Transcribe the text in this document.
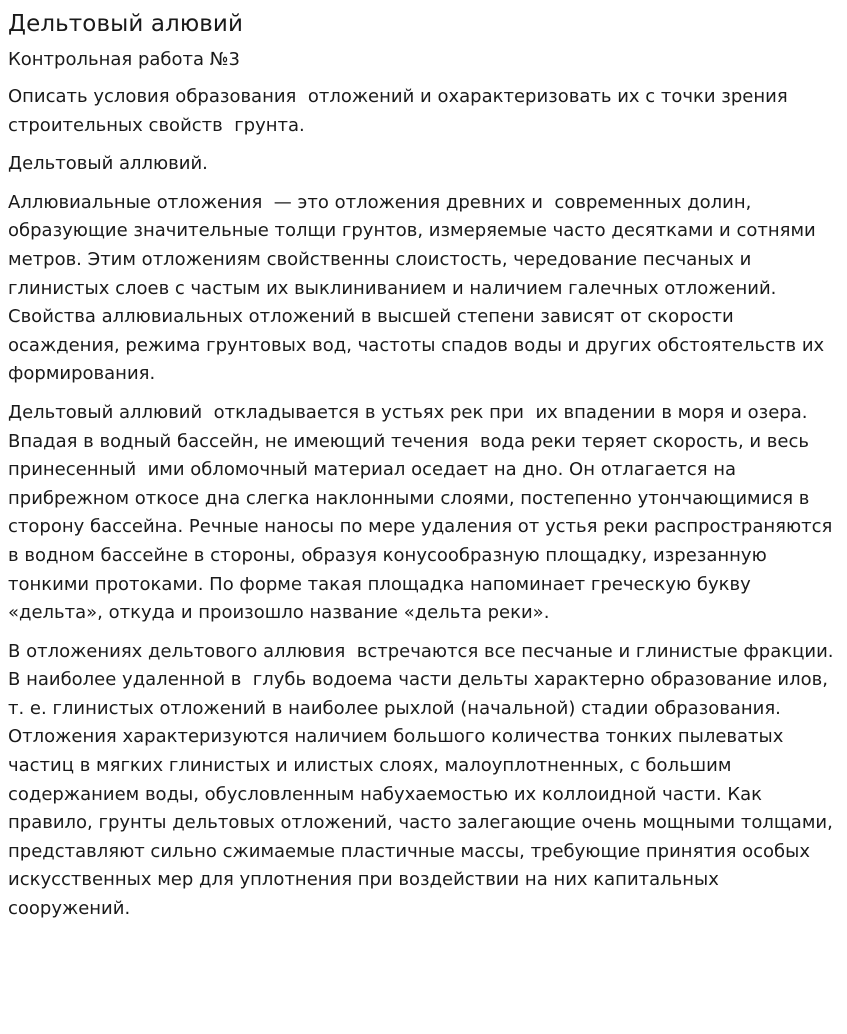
Дельтовый алювий
Контрольная работа №3

Описать условия образования  отложений и охарактеризовать их с точки зрения строительных свойств  грунта.

Дельтовый аллювий.

Аллювиальные отложения  — это отложения древних и  современных долин, образующие значительные толщи грунтов, измеряемые часто десятками и сотнями метров. Этим отложениям свойственны слоистость, чередование песчаных и глинистых слоев с частым их выклиниванием и наличием галечных отложений. Свойства аллювиальных отложений в высшей степени зависят от скорости осаждения, режима грунтовых вод, частоты спадов воды и других обстоятельств их формирования.

Дельтовый аллювий  откладывается в устьях рек при  их впадении в моря и озера. Впадая в водный бассейн, не имеющий течения  вода реки теряет скорость, и весь принесенный  ими обломочный материал оседает на дно. Он отлагается на прибрежном откосе дна слегка наклонными слоями, постепенно утончающимися в сторону бассейна. Речные наносы по мере удаления от устья реки распространяются в водном бассейне в стороны, образуя конусообразную площадку, изрезанную тонкими протоками. По форме такая площадка напоминает греческую букву «дельта», откуда и произошло название «дельта реки».

В отложениях дельтового аллювия  встречаются все песчаные и глинистые фракции. В наиболее удаленной в  глубь водоема части дельты характерно образование илов, т. е. глинистых отложений в наиболее рыхлой (начальной) стадии образования. Отложения характеризуются наличием большого количества тонких пылеватых частиц в мягких глинистых и илистых слоях, малоуплотненных, с большим содержанием воды, обусловленным набухаемостью их коллоидной части. Как правило, грунты дельтовых отложений, часто залегающие очень мощными толщами, представляют сильно сжимаемые пластичные массы, требующие принятия особых  искусственных мер для уплотнения при воздействии на них капитальных сооружений.
